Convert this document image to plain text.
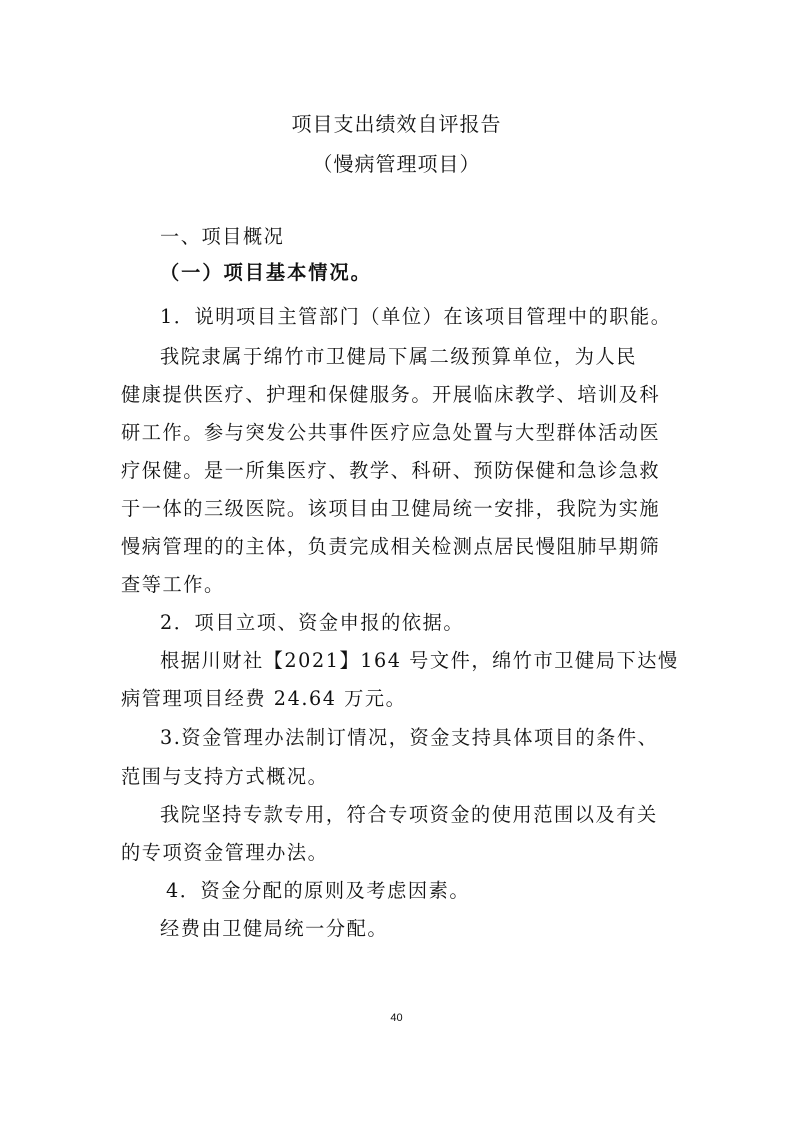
项目支出绩效自评报告
（慢病管理项目）
一、项目概况
（一）项目基本情况。
1．说明项目主管部门（单位）在该项目管理中的职能。
我院隶属于绵竹市卫健局下属二级预算单位，为人民
健康提供医疗、护理和保健服务。开展临床教学、培训及科
研工作。参与突发公共事件医疗应急处置与大型群体活动医
疗保健。是一所集医疗、教学、科研、预防保健和急诊急救
于一体的三级医院。该项目由卫健局统一安排，我院为实施
慢病管理的的主体，负责完成相关检测点居民慢阻肺早期筛
查等工作。
2．项目立项、资金申报的依据。
根据川财社【2021】164 号文件，绵竹市卫健局下达慢
病管理项目经费 24.64 万元。
3.资金管理办法制订情况，资金支持具体项目的条件、
范围与支持方式概况。
我院坚持专款专用，符合专项资金的使用范围以及有关
的专项资金管理办法。
4．资金分配的原则及考虑因素。
经费由卫健局统一分配。
40
